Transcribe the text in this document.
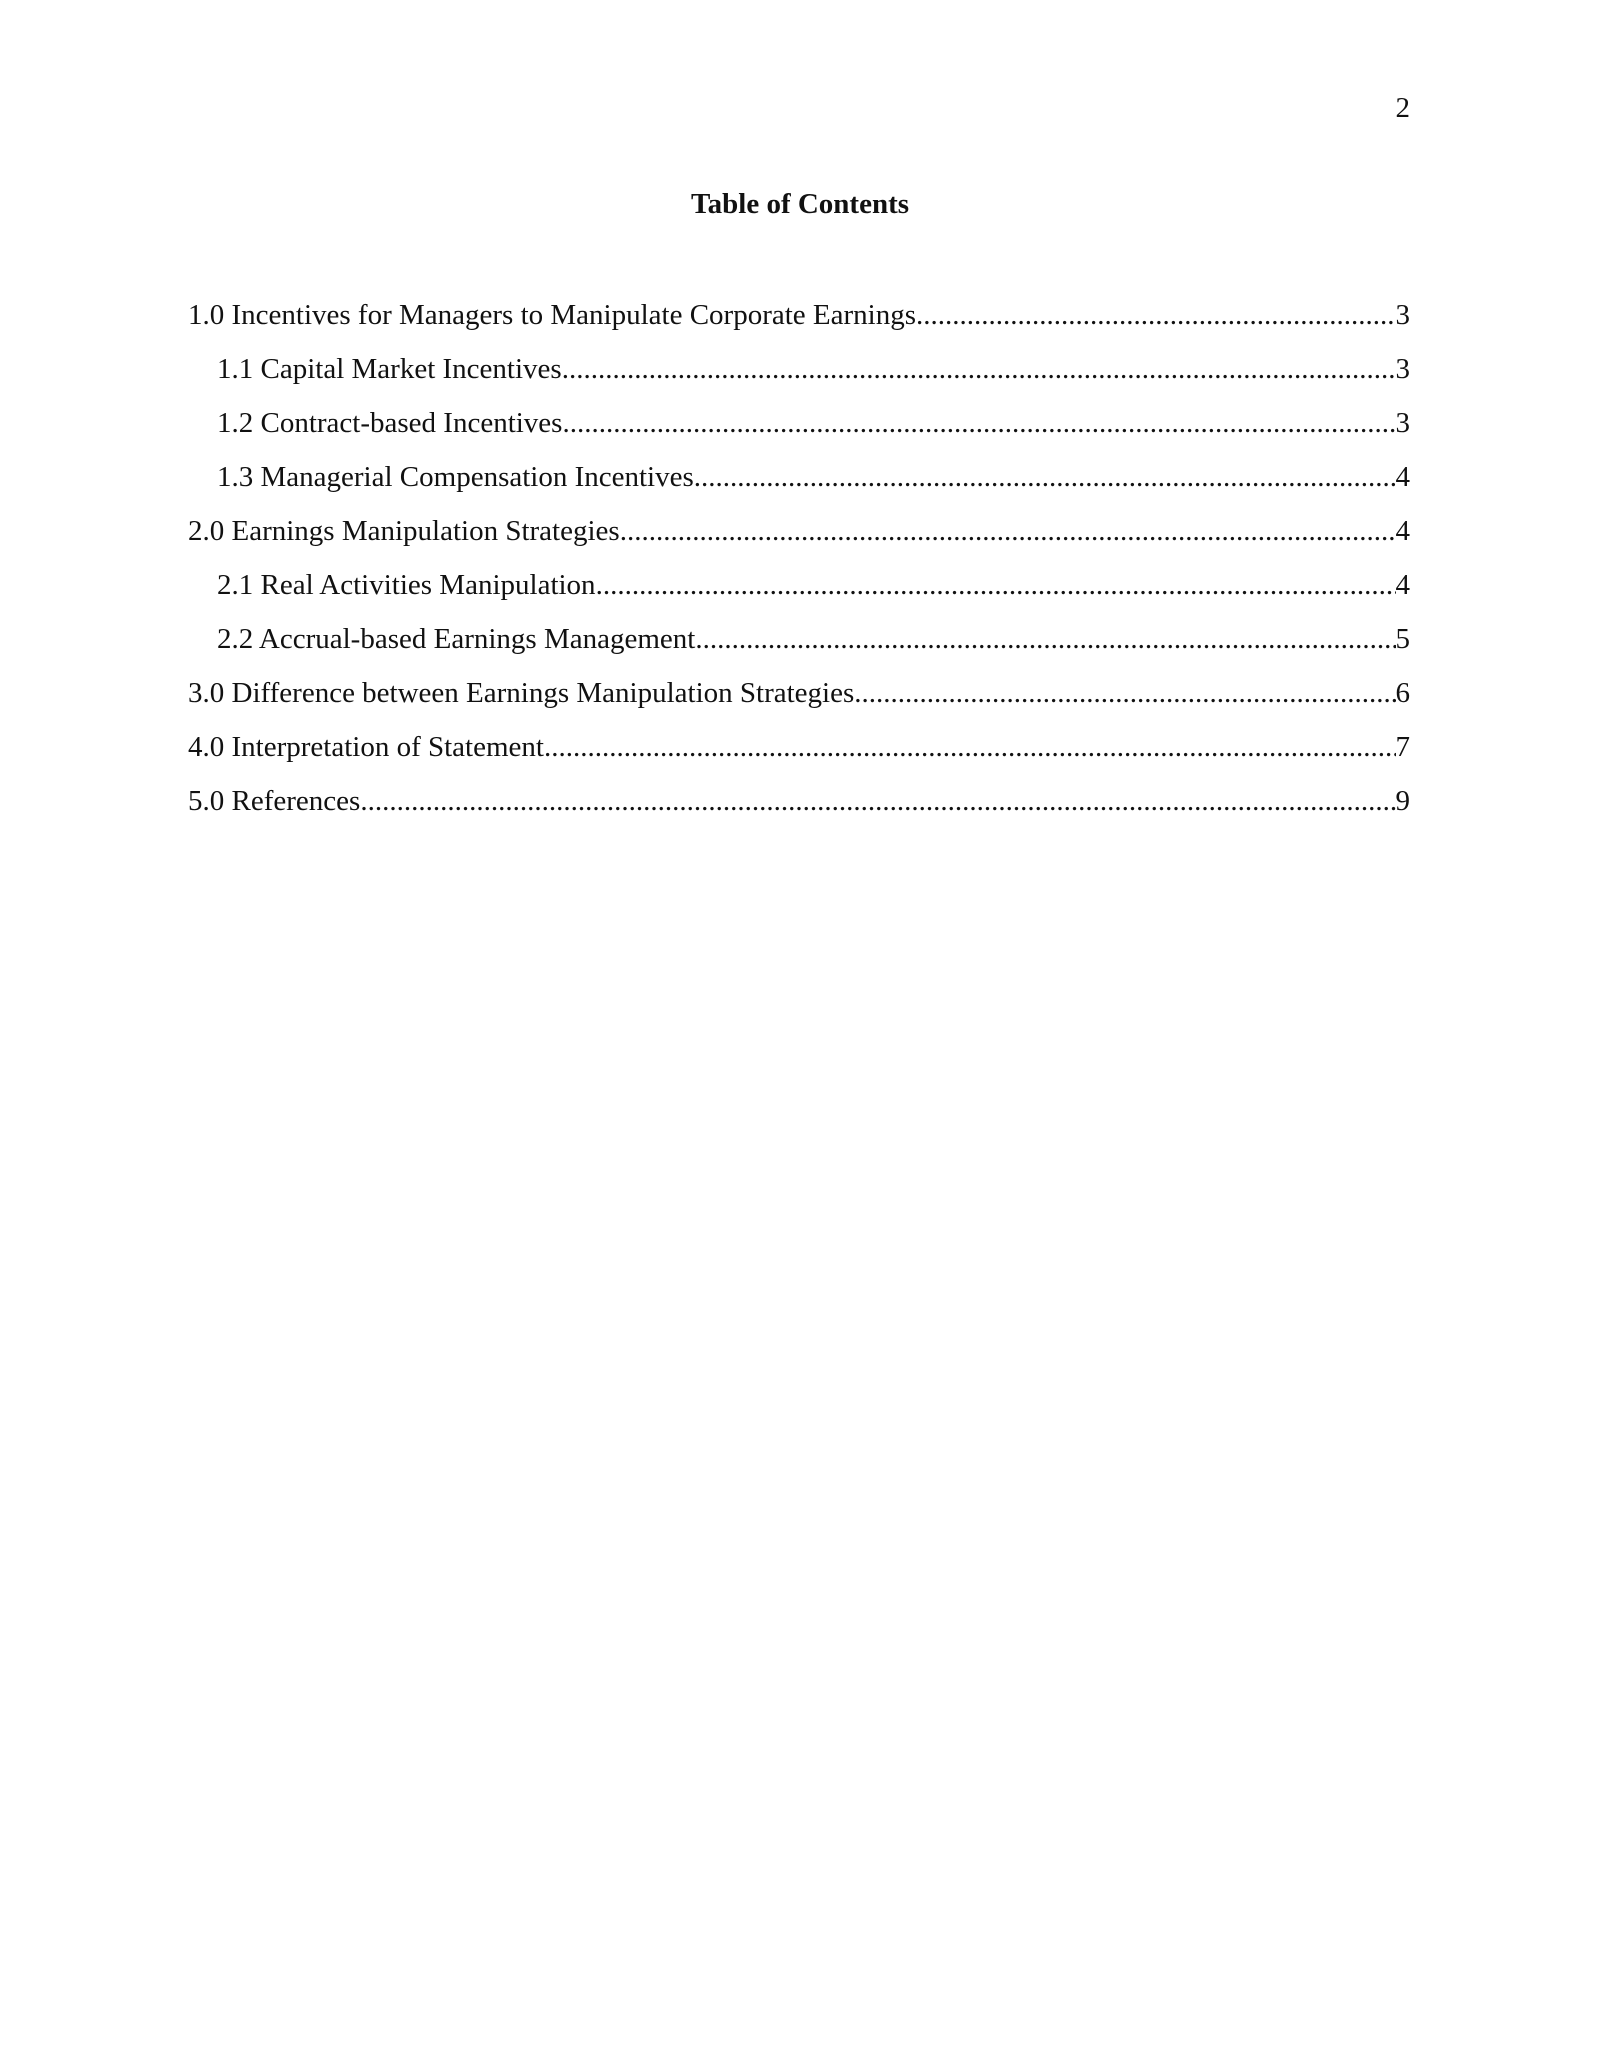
2
Table of Contents
1.0 Incentives for Managers to Manipulate Corporate Earnings .....	3
1.1 Capital Market Incentives .....	3
1.2 Contract-based Incentives .....	3
1.3 Managerial Compensation Incentives .....	4
2.0 Earnings Manipulation Strategies .....	4
2.1 Real Activities Manipulation .....	4
2.2 Accrual-based Earnings Management .....	5
3.0 Difference between Earnings Manipulation Strategies .....	6
4.0 Interpretation of Statement .....	7
5.0 References .....	9
